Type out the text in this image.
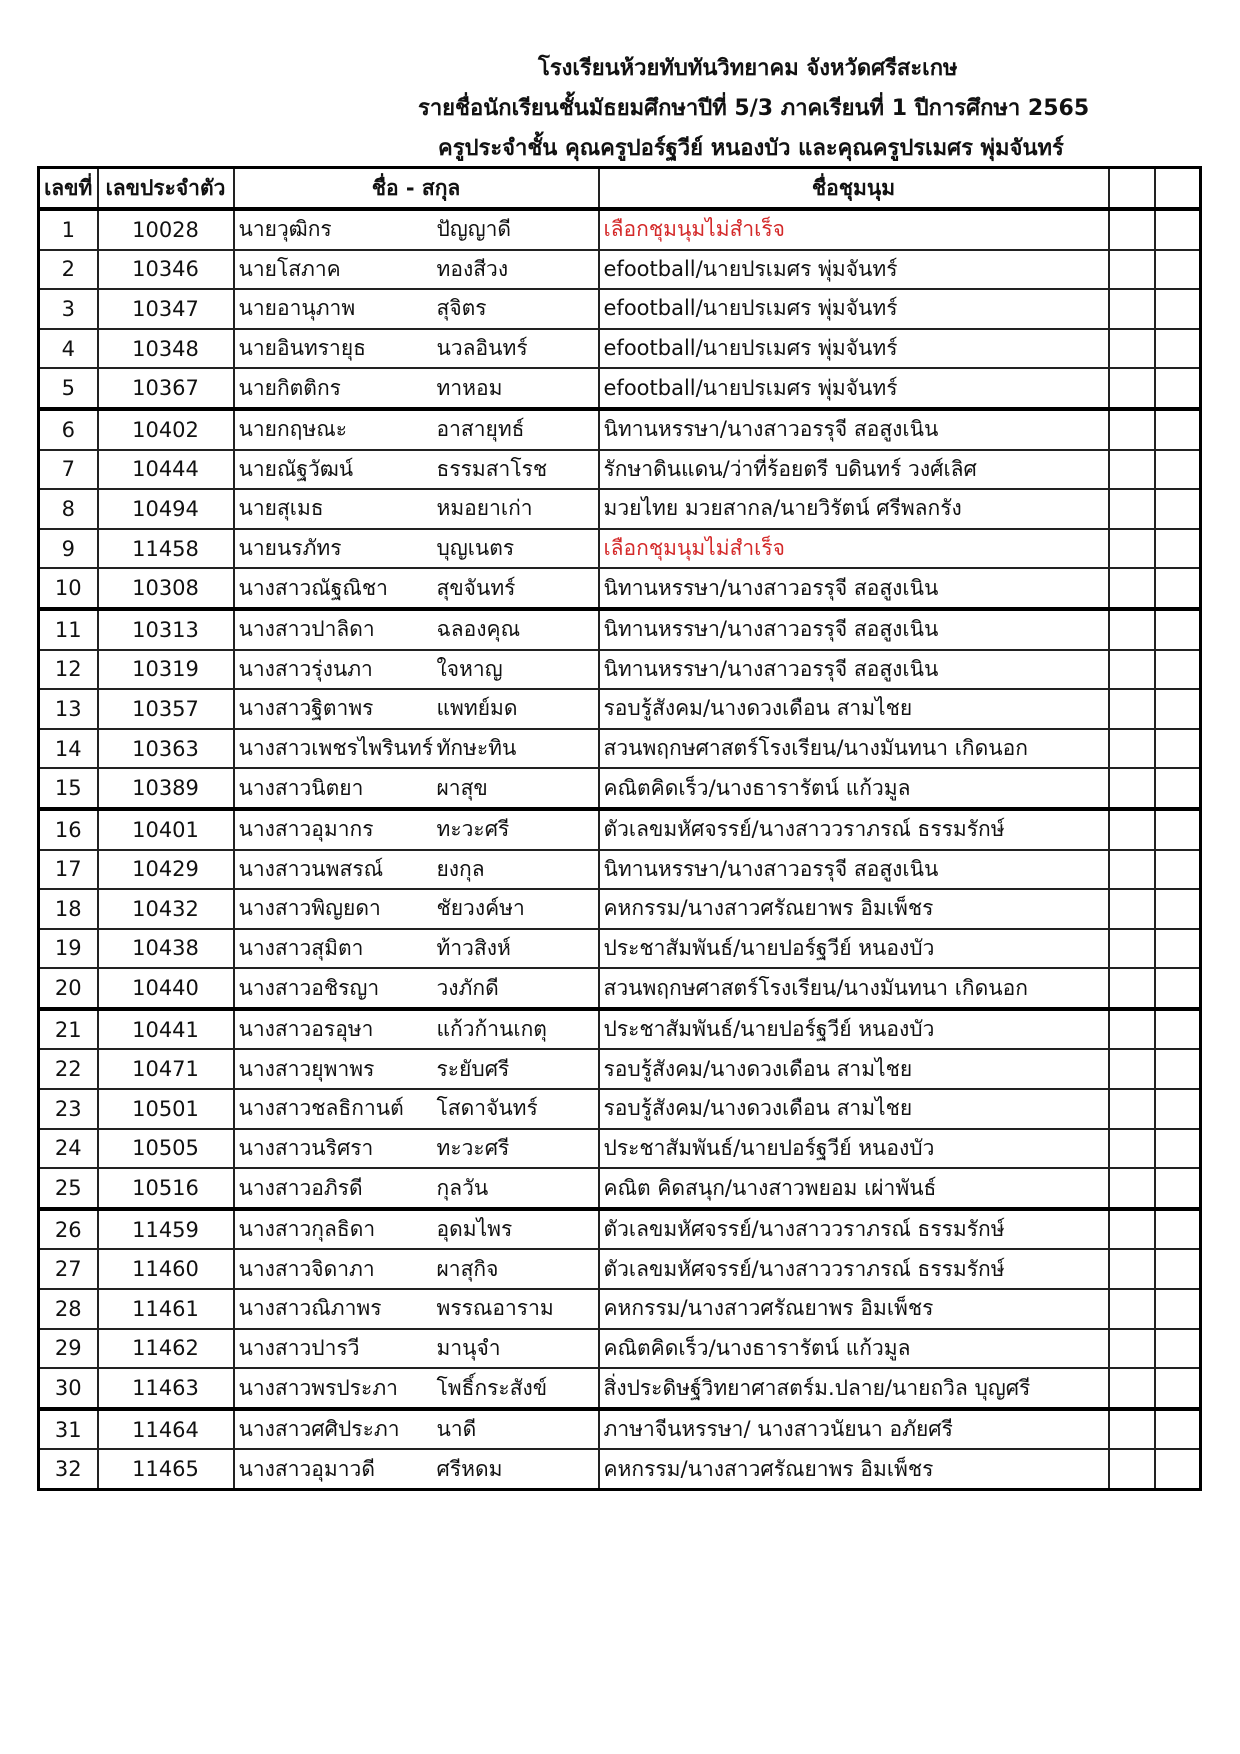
โรงเรียนห้วยทับทันวิทยาคม จังหวัดศรีสะเกษ
รายชื่อนักเรียนชั้นมัธยมศึกษาปีที่ 5/3 ภาคเรียนที่ 1 ปีการศึกษา 2565
ครูประจำชั้น คุณครูปอร์ฐวีย์ หนองบัว และคุณครูปรเมศร พุ่มจันทร์
เลขที่	เลขประจำตัว	ชื่อ - สกุล	ชื่อชุมนุม		
1	10028	นายวุฒิกร ปัญญาดี	เลือกชุมนุมไม่สำเร็จ		
2	10346	นายโสภาค ทองสีวง	efootball/นายปรเมศร พุ่มจันทร์		
3	10347	นายอานุภาพ สุจิตร	efootball/นายปรเมศร พุ่มจันทร์		
4	10348	นายอินทรายุธ นวลอินทร์	efootball/นายปรเมศร พุ่มจันทร์		
5	10367	นายกิตติกร ทาหอม	efootball/นายปรเมศร พุ่มจันทร์		
6	10402	นายกฤษณะ อาสายุทธ์	นิทานหรรษา/นางสาวอรรุจี สอสูงเนิน		
7	10444	นายณัฐวัฒน์ ธรรมสาโรช	รักษาดินแดน/ว่าที่ร้อยตรี บดินทร์ วงศ์เลิศ		
8	10494	นายสุเมธ หมอยาเก่า	มวยไทย มวยสากล/นายวิรัตน์ ศรีพลกรัง		
9	11458	นายนรภัทร บุญเนตร	เลือกชุมนุมไม่สำเร็จ		
10	10308	นางสาวณัฐณิชา สุขจันทร์	นิทานหรรษา/นางสาวอรรุจี สอสูงเนิน		
11	10313	นางสาวปาลิดา ฉลองคุณ	นิทานหรรษา/นางสาวอรรุจี สอสูงเนิน		
12	10319	นางสาวรุ่งนภา ใจหาญ	นิทานหรรษา/นางสาวอรรุจี สอสูงเนิน		
13	10357	นางสาวฐิตาพร แพทย์มด	รอบรู้สังคม/นางดวงเดือน สามไชย		
14	10363	นางสาวเพชรไพรินทร์ ทักษะทิน	สวนพฤกษศาสตร์โรงเรียน/นางมันทนา เกิดนอก		
15	10389	นางสาวนิตยา ผาสุข	คณิตคิดเร็ว/นางธารารัตน์ แก้วมูล		
16	10401	นางสาวอุมากร ทะวะศรี	ตัวเลขมหัศจรรย์/นางสาววราภรณ์ ธรรมรักษ์		
17	10429	นางสาวนพสรณ์ ยงกุล	นิทานหรรษา/นางสาวอรรุจี สอสูงเนิน		
18	10432	นางสาวพิญยดา ชัยวงค์ษา	คหกรรม/นางสาวศรัณยาพร อิมเพ็ชร		
19	10438	นางสาวสุมิตา ท้าวสิงห์	ประชาสัมพันธ์/นายปอร์ฐวีย์ หนองบัว		
20	10440	นางสาวอชิรญา วงภักดี	สวนพฤกษศาสตร์โรงเรียน/นางมันทนา เกิดนอก		
21	10441	นางสาวอรอุษา แก้วก้านเกตุ	ประชาสัมพันธ์/นายปอร์ฐวีย์ หนองบัว		
22	10471	นางสาวยุพาพร ระยับศรี	รอบรู้สังคม/นางดวงเดือน สามไชย		
23	10501	นางสาวชลธิกานต์ โสดาจันทร์	รอบรู้สังคม/นางดวงเดือน สามไชย		
24	10505	นางสาวนริศรา ทะวะศรี	ประชาสัมพันธ์/นายปอร์ฐวีย์ หนองบัว		
25	10516	นางสาวอภิรดี กุลวัน	คณิต คิดสนุก/นางสาวพยอม เผ่าพันธ์		
26	11459	นางสาวกุลธิดา อุดมไพร	ตัวเลขมหัศจรรย์/นางสาววราภรณ์ ธรรมรักษ์		
27	11460	นางสาวจิดาภา ผาสุกิจ	ตัวเลขมหัศจรรย์/นางสาววราภรณ์ ธรรมรักษ์		
28	11461	นางสาวณิภาพร พรรณอาราม	คหกรรม/นางสาวศรัณยาพร อิมเพ็ชร		
29	11462	นางสาวปารวี มานุจำ	คณิตคิดเร็ว/นางธารารัตน์ แก้วมูล		
30	11463	นางสาวพรประภา โพธิ์กระสังข์	สิ่งประดิษฐ์วิทยาศาสตร์ม.ปลาย/นายถวิล บุญศรี		
31	11464	นางสาวศศิประภา นาดี	ภาษาจีนหรรษา/ นางสาวนัยนา อภัยศรี		
32	11465	นางสาวอุมาวดี ศรีหดม	คหกรรม/นางสาวศรัณยาพร อิมเพ็ชร		
